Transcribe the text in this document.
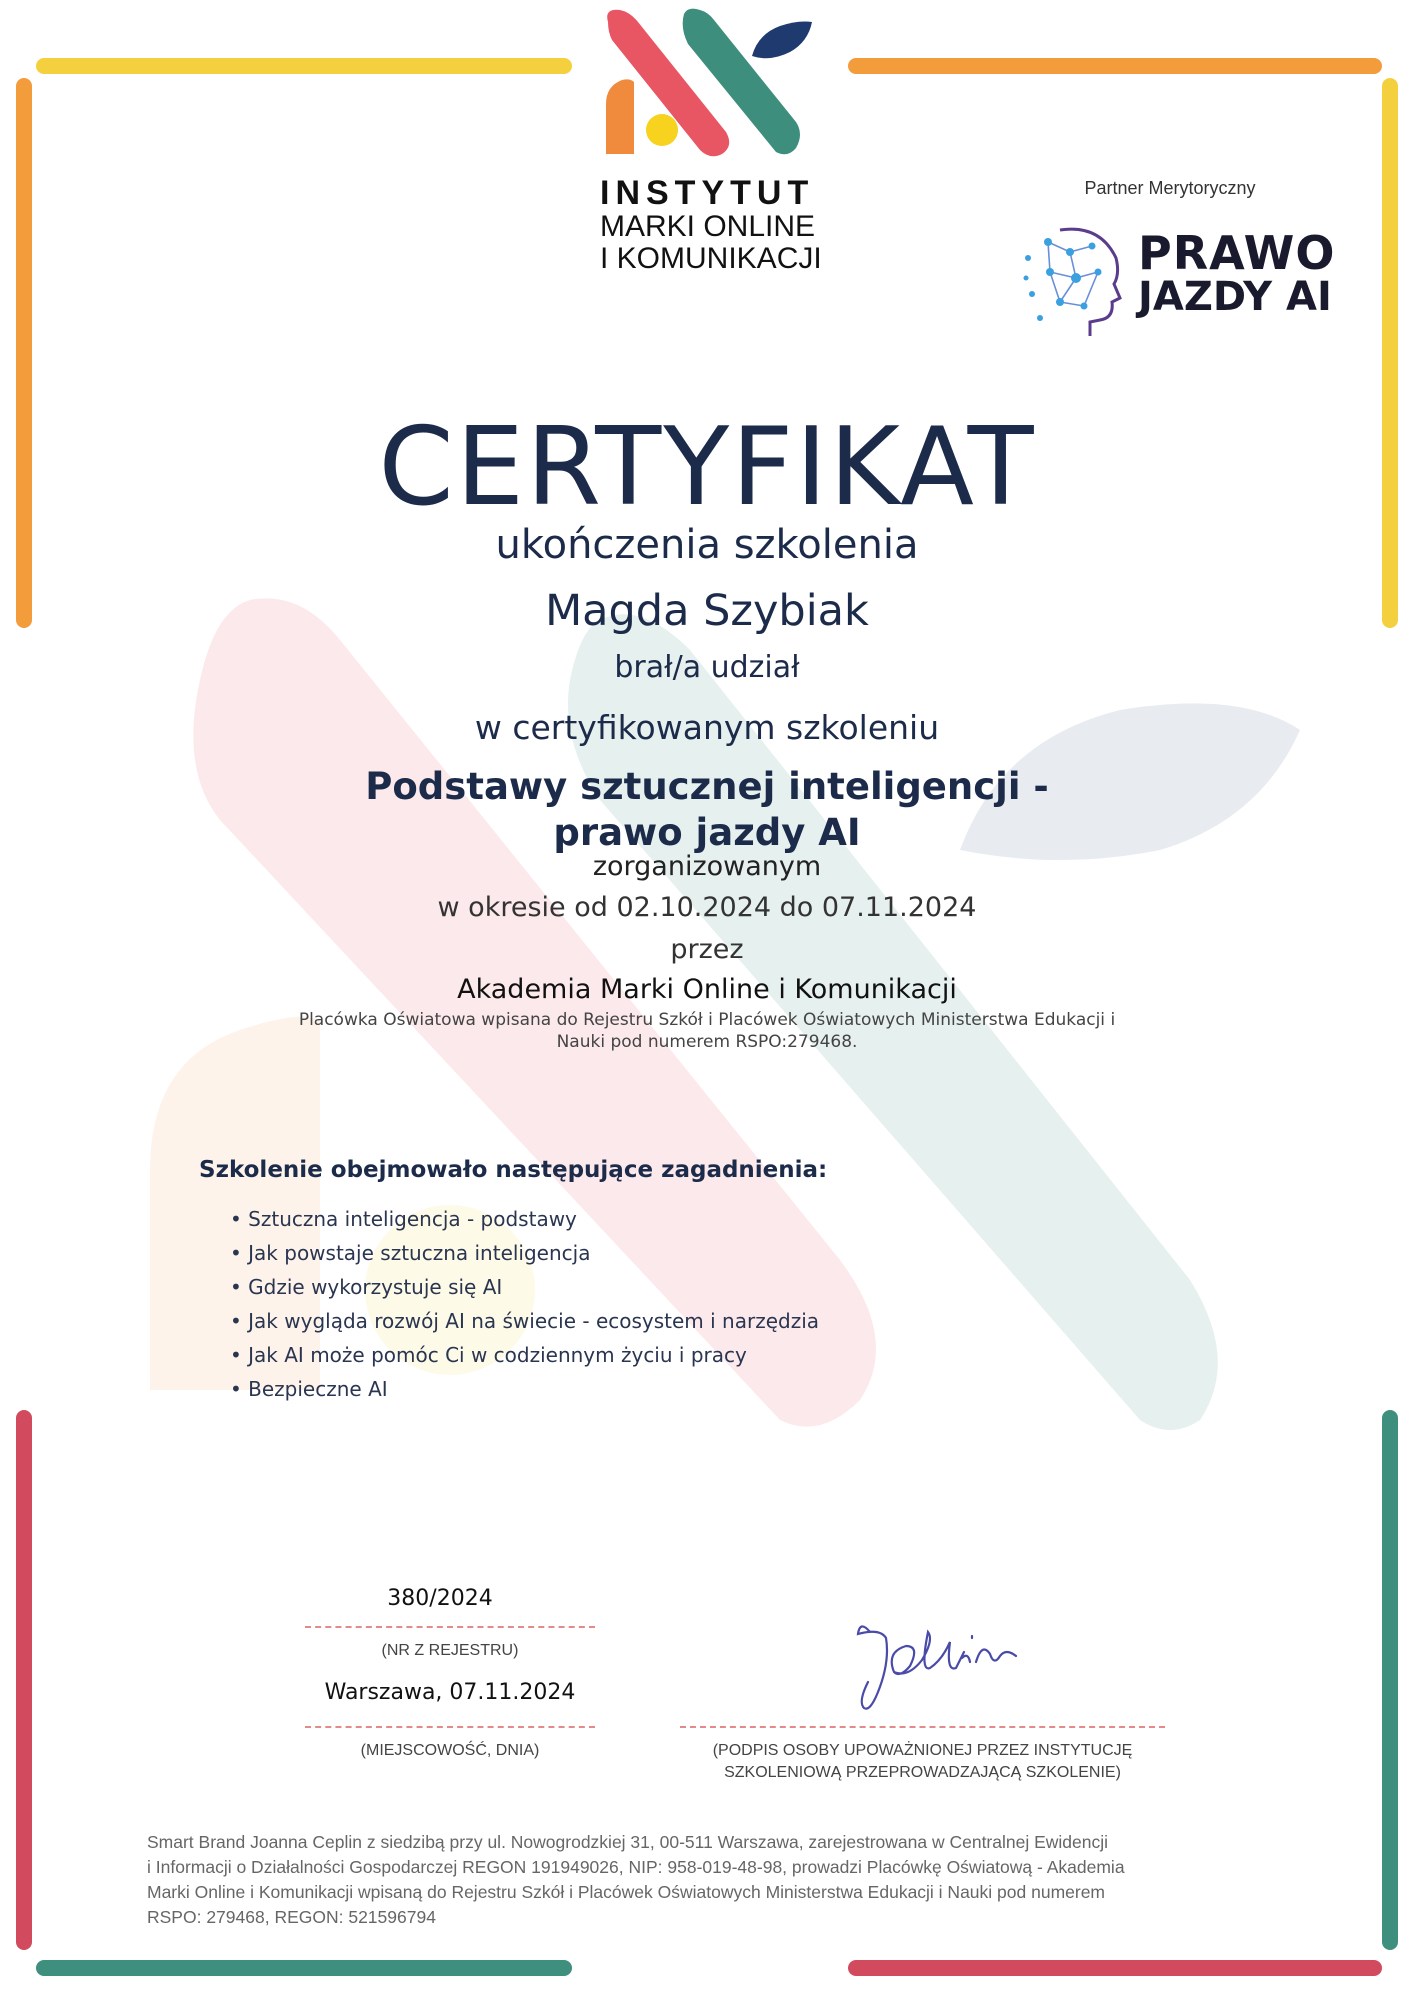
INSTYTUT
MARKI ONLINE
I KOMUNIKACJI
Partner Merytoryczny
PRAWO
JAZDY AI
CERTYFIKAT
ukończenia szkolenia
Magda Szybiak
brał/a udział
w certyfikowanym szkoleniu
Podstawy sztucznej inteligencji -
prawo jazdy AI
zorganizowanym
w okresie od 02.10.2024 do 07.11.2024
przez
Akademia Marki Online i Komunikacji
Placówka Oświatowa wpisana do Rejestru Szkół i Placówek Oświatowych Ministerstwa Edukacji i
Nauki pod numerem RSPO:279468.
Szkolenie obejmowało następujące zagadnienia:
• Sztuczna inteligencja - podstawy
• Jak powstaje sztuczna inteligencja
• Gdzie wykorzystuje się AI
• Jak wygląda rozwój AI na świecie - ecosystem i narzędzia
• Jak AI może pomóc Ci w codziennym życiu i pracy
• Bezpieczne AI
380/2024
(NR Z REJESTRU)
Warszawa, 07.11.2024
(MIEJSCOWOŚĆ, DNIA)	(PODPIS OSOBY UPOWAŻNIONEJ PRZEZ INSTYTUCJĘ
SZKOLENIOWĄ PRZEPROWADZAJĄCĄ SZKOLENIE)
Smart Brand Joanna Ceplin z siedzibą przy ul. Nowogrodzkiej 31, 00-511 Warszawa, zarejestrowana w Centralnej Ewidencji
i Informacji o Działalności Gospodarczej REGON 191949026, NIP: 958-019-48-98, prowadzi Placówkę Oświatową - Akademia
Marki Online i Komunikacji wpisaną do Rejestru Szkół i Placówek Oświatowych Ministerstwa Edukacji i Nauki pod numerem
RSPO: 279468, REGON: 521596794
